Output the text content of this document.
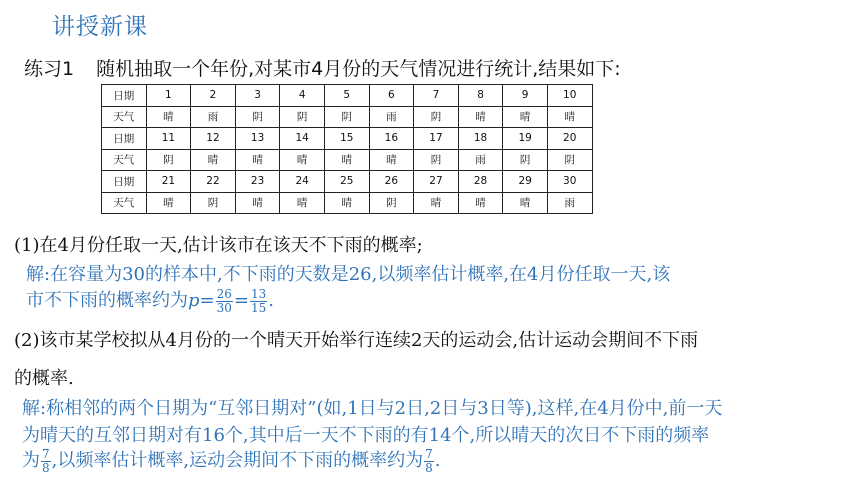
讲授新课
练习1 随机抽取一个年份,对某市4月份的天气情况进行统计,结果如下:
日期	1	2	3	4	5	6	7	8	9	10
天气	晴	雨	阴	阴	阴	雨	阴	晴	晴	晴
日期	11	12	13	14	15	16	17	18	19	20
天气	阴	晴	晴	晴	晴	晴	阴	雨	阴	阴
日期	21	22	23	24	25	26	27	28	29	30
天气	晴	阴	晴	晴	晴	阴	晴	晴	晴	雨
(1)在4月份任取一天,估计该市在该天不下雨的概率;
解:在容量为30的样本中,不下雨的天数是26,以频率估计概率,在4月份任取一天,该
市不下雨的概率约为$p= \frac{26}{30} = \frac{13}{15}$ .
(2)该市某学校拟从4月份的一个晴天开始举行连续2天的运动会,估计运动会期间不下雨
的概率.
解:称相邻的两个日期为“互邻日期对”(如,1日与2日,2日与3日等),这样,在4月份中,前一天
为晴天的互邻日期对有16个,其中后一天不下雨的有14个,所以晴天的次日不下雨的频率
为 $\frac{7}{8}$ ,以频率估计概率,运动会期间不下雨的概率约为 $\frac{7}{8}$ .
